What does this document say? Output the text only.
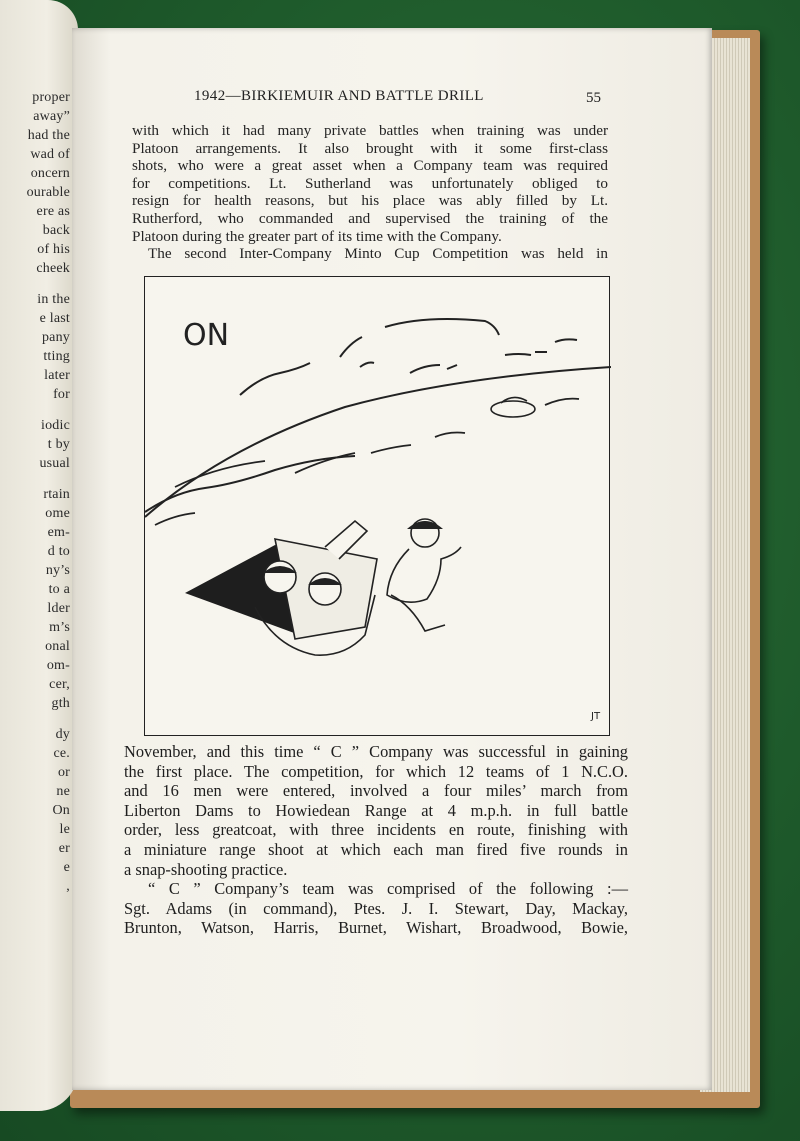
proper
away”
had the
wad of
oncern
ourable
ere as
back
of his
cheek
in the
e last
pany
tting
later
for
iodic
t by
usual
rtain
ome
em-
d to
ny’s
to a
lder
m’s
onal
om-
cer,
gth
dy
ce.
or
ne
On
le
er
e
,
1942—BIRKIEMUIR AND BATTLE DRILL	55
with which it had many private battles when training was under
Platoon arrangements. It also brought with it some first-class
shots, who were a great asset when a Company team was required
for competitions. Lt. Sutherland was unfortunately obliged to
resign for health reasons, but his place was ably filled by Lt.
Rutherford, who commanded and supervised the training of the
Platoon during the greater part of its time with the Company.
The second Inter-Company Minto Cup Competition was held in
ON
JT
November, and this time “ C ” Company was successful in gaining
the first place. The competition, for which 12 teams of 1 N.C.O.
and 16 men were entered, involved a four miles’ march from
Liberton Dams to Howiedean Range at 4 m.p.h. in full battle
order, less greatcoat, with three incidents en route, finishing with
a miniature range shoot at which each man fired five rounds in
a snap-shooting practice.
“ C ” Company’s team was comprised of the following :—
Sgt. Adams (in command), Ptes. J. I. Stewart, Day, Mackay,
Brunton, Watson, Harris, Burnet, Wishart, Broadwood, Bowie,
